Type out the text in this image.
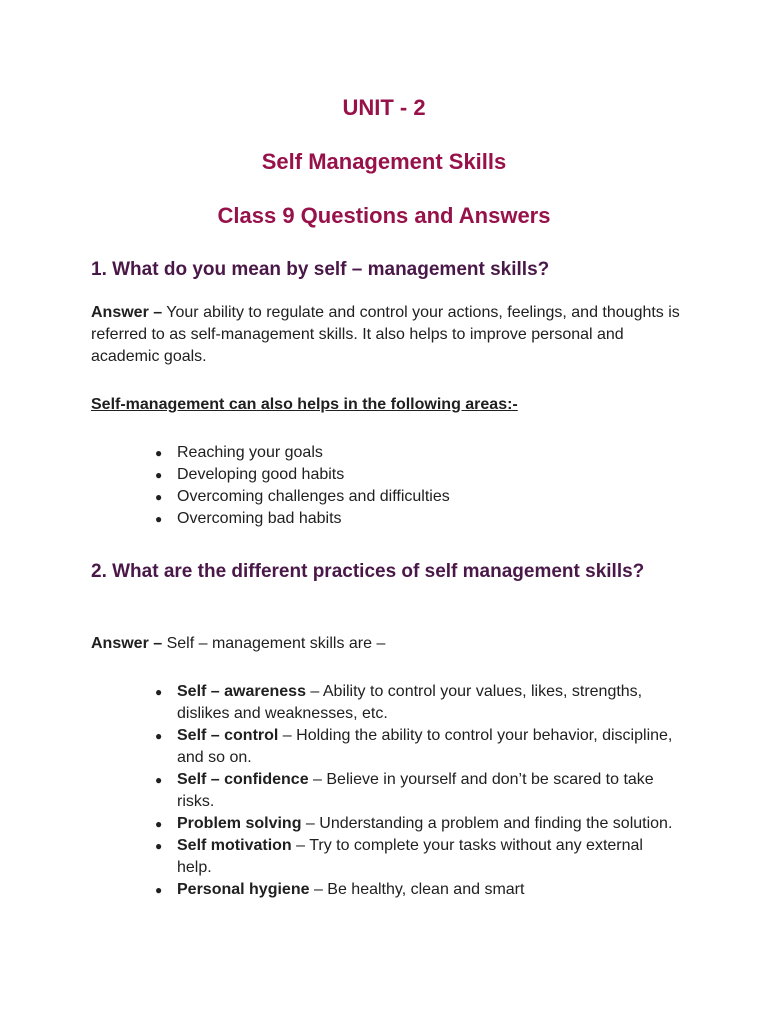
UNIT - 2
Self Management Skills
Class 9 Questions and Answers
1. What do you mean by self – management skills?

Answer – Your ability to regulate and control your actions, feelings, and thoughts is referred to as self-management skills. It also helps to improve personal and academic goals.

Self-management can also helps in the following areas:-

● Reaching your goals
● Developing good habits
● Overcoming challenges and difficulties
● Overcoming bad habits
2. What are the different practices of self management skills?

Answer – Self – management skills are –

● Self – awareness – Ability to control your values, likes, strengths, dislikes and weaknesses, etc.
● Self – control – Holding the ability to control your behavior, discipline, and so on.
● Self – confidence – Believe in yourself and don’t be scared to take risks.
● Problem solving – Understanding a problem and finding the solution.
● Self motivation – Try to complete your tasks without any external help.
● Personal hygiene – Be healthy, clean and smart
